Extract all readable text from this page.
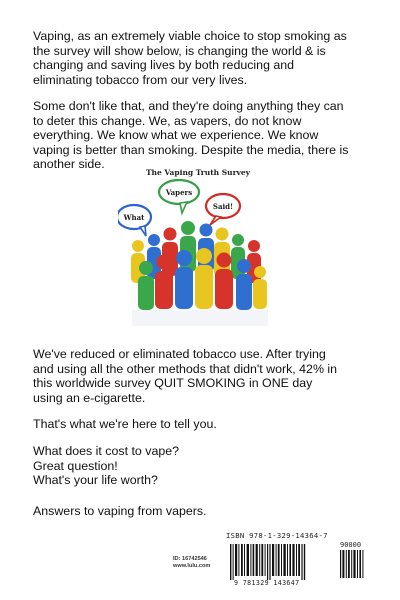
Vaping, as an extremely viable choice to stop smoking as
the survey will show below, is changing the world & is
changing and saving lives by both reducing and
eliminating tobacco from our very lives.

Some don't like that, and they're doing anything they can
to deter this change. We, as vapers, do not know
everything. We know what we experience. We know
vaping is better than smoking. Despite the media, there is
another side.

The Vaping Truth Survey
What
Vapers
Said!

We've reduced or eliminated tobacco use. After trying
and using all the other methods that didn't work, 42% in
this worldwide survey QUIT SMOKING in ONE day
using an e-cigarette.

That's what we're here to tell you.

What does it cost to vape?
Great question!
What's your life worth?

Answers to vaping from vapers.

ISBN 978-1-329-14364-7
90000
9 781329 143647
ID: 16742546
www.lulu.com
